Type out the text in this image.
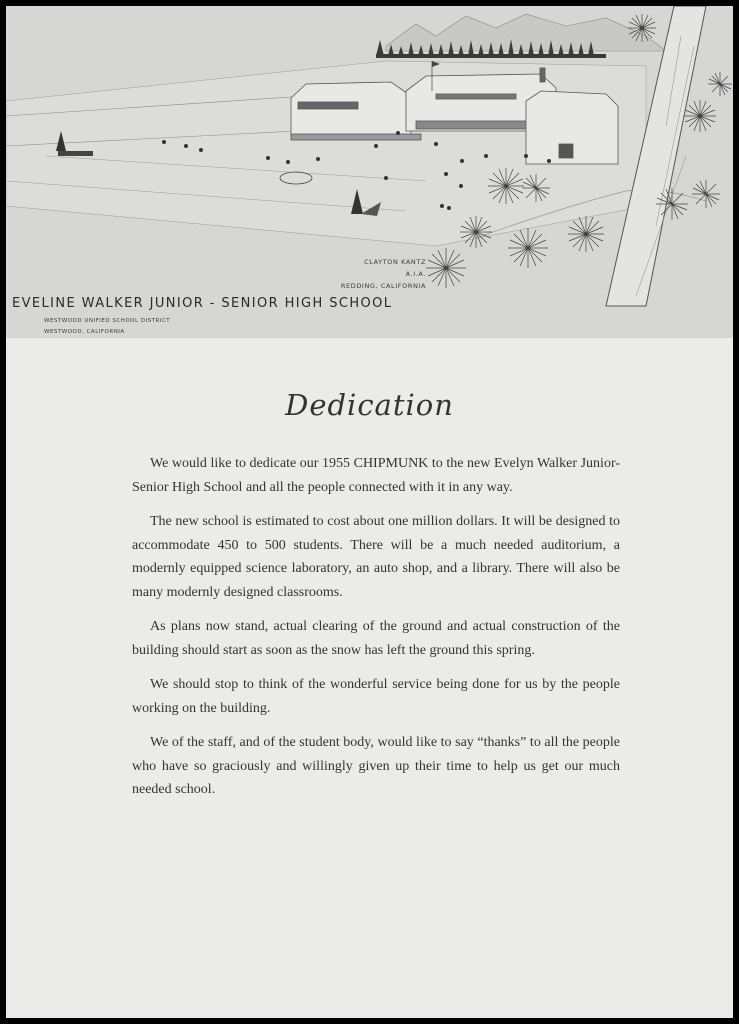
CLAYTON KANTZ
A.I.A.
REDDING, CALIFORNIA
EVELINE WALKER JUNIOR - SENIOR HIGH SCHOOL
WESTWOOD UNIFIED SCHOOL DISTRICT
WESTWOOD, CALIFORNIA
Dedication

We would like to dedicate our 1955 CHIPMUNK to the new Evelyn Walker Junior-Senior High School and all the people connected with it in any way.

The new school is estimated to cost about one million dollars. It will be designed to accommodate 450 to 500 students. There will be a much needed auditorium, a modernly equipped science laboratory, an auto shop, and a library. There will also be many modernly designed classrooms.

As plans now stand, actual clearing of the ground and actual construction of the building should start as soon as the snow has left the ground this spring.

We should stop to think of the wonderful service being done for us by the people working on the building.

We of the staff, and of the student body, would like to say “thanks” to all the people who have so graciously and willingly given up their time to help us get our much needed school.
